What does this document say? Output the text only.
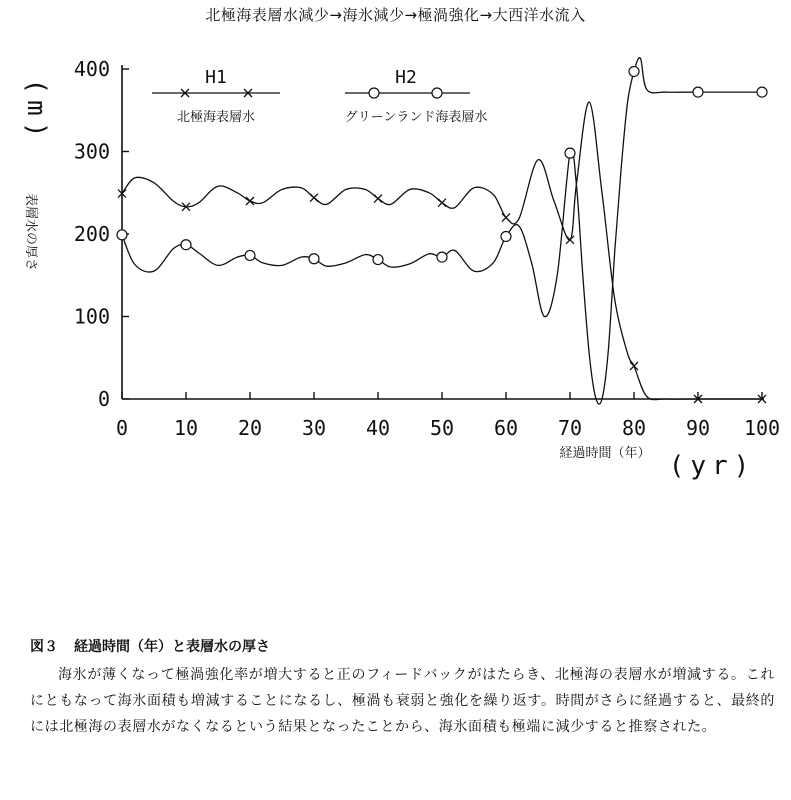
北極海表層水減少→海氷減少→極渦強化→大西洋水流入
0 10 20 30 40 50 60 70 80 90 100
0
100
200
300
400	H1
北極海表層水
H2
グリーンランド海表層水
(m)
表層水の厚さ
経過時間（年） (yr)
図３ 経過時間（年）と表層水の厚さ
海氷が薄くなって極渦強化率が増大すると正のフィードバックがはたらき、北極海の表層水が増減する。これにともなって海氷面積も増減することになるし、極渦も衰弱と強化を繰り返す。時間がさらに経過すると、最終的には北極海の表層水がなくなるという結果となったことから、海氷面積も極端に減少すると推察された。
